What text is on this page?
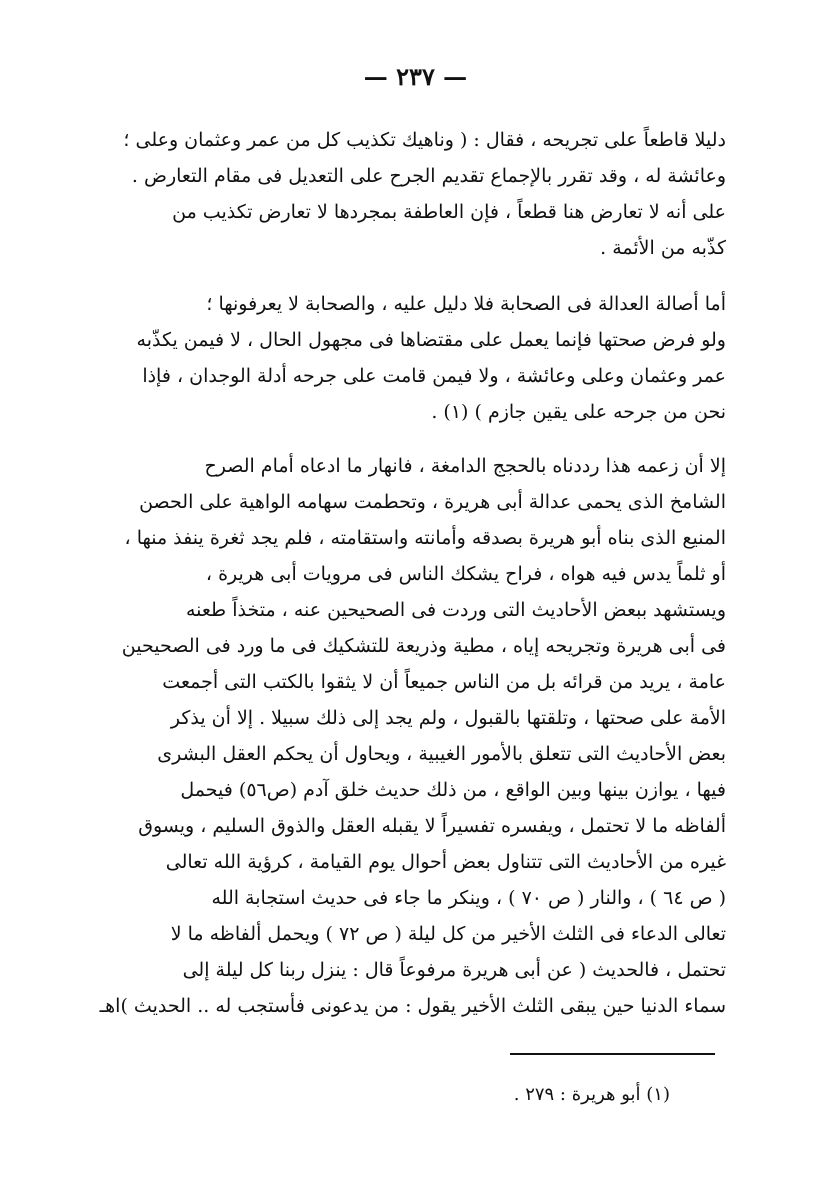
— ٢٣٧ —
دليلا قاطعاً على تجريحه ، فقال : ( وناهيك تكذيب كل من عمر وعثمان وعلى ؛
وعائشة له ، وقد تقرر بالإجماع تقديم الجرح على التعديل فى مقام التعارض .
على أنه لا تعارض هنا قطعاً ، فإن العاطفة بمجردها لا تعارض تكذيب من
كذّبه من الأئمة .
أما أصالة العدالة فى الصحابة فلا دليل عليه ، والصحابة لا يعرفونها ؛
ولو فرض صحتها فإنما يعمل على مقتضاها فى مجهول الحال ، لا فيمن يكذّبه
عمر وعثمان وعلى وعائشة ، ولا فيمن قامت على جرحه أدلة الوجدان ، فإذا
نحن من جرحه على يقين جازم ) (١) .
إلا أن زعمه هذا رددناه بالحجج الدامغة ، فانهار ما ادعاه أمام الصرح
الشامخ الذى يحمى عدالة أبى هريرة ، وتحطمت سهامه الواهية على الحصن
المنيع الذى بناه أبو هريرة بصدقه وأمانته واستقامته ، فلم يجد ثغرة ينفذ منها ،
أو ثلماً يدس فيه هواه ، فراح يشكك الناس فى مرويات أبى هريرة ،
ويستشهد ببعض الأحاديث التى وردت فى الصحيحين عنه ، متخذاً طعنه
فى أبى هريرة وتجريحه إياه ، مطية وذريعة للتشكيك فى ما ورد فى الصحيحين
عامة ، يريد من قرائه بل من الناس جميعاً أن لا يثقوا بالكتب التى أجمعت
الأمة على صحتها ، وتلقتها بالقبول ، ولم يجد إلى ذلك سبيلا . إلا أن يذكر
بعض الأحاديث التى تتعلق بالأمور الغيبية ، ويحاول أن يحكم العقل البشرى
فيها ، يوازن بينها وبين الواقع ، من ذلك حديث خلق آدم (ص٥٦) فيحمل
ألفاظه ما لا تحتمل ، ويفسره تفسيراً لا يقبله العقل والذوق السليم ، ويسوق
غيره من الأحاديث التى تتناول بعض أحوال يوم القيامة ، كرؤية الله تعالى
( ص ٦٤ ) ، والنار ( ص ٧٠ ) ، وينكر ما جاء فى حديث استجابة الله
تعالى الدعاء فى الثلث الأخير من كل ليلة ( ص ٧٢ ) ويحمل ألفاظه ما لا
تحتمل ، فالحديث ( عن أبى هريرة مرفوعاً قال : ينزل ربنا كل ليلة إلى
سماء الدنيا حين يبقى الثلث الأخير يقول : من يدعونى فأستجب له .. الحديث )اهـ
(١) أبو هريرة : ٢٧٩ .
